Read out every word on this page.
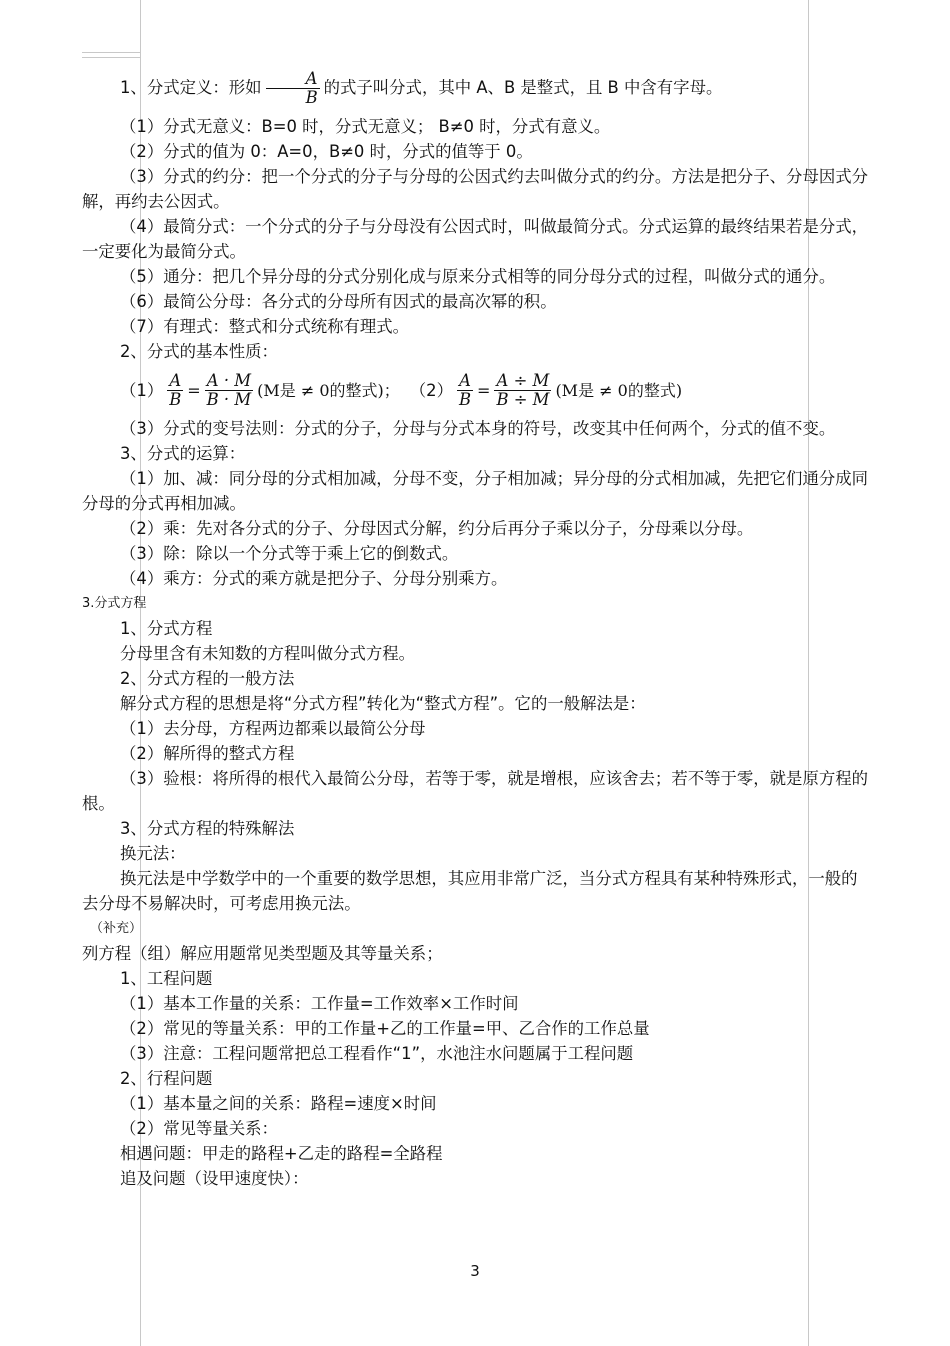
1、分式定义：形如 $\frac{A}{B}$ 的式子叫分式，其中 A、B 是整式，且 B 中含有字母。

（1）分式无意义：B=0 时，分式无意义； B≠0 时，分式有意义。

（2）分式的值为 0：A=0，B≠0 时，分式的值等于 0。

（3）分式的约分：把一个分式的分子与分母的公因式约去叫做分式的约分。方法是把分子、分母因式分解，再约去公因式。

（4）最简分式：一个分式的分子与分母没有公因式时，叫做最简分式。分式运算的最终结果若是分式，一定要化为最简分式。

（5）通分：把几个异分母的分式分别化成与原来分式相等的同分母分式的过程，叫做分式的通分。

（6）最简公分母：各分式的分母所有因式的最高次幂的积。

（7）有理式：整式和分式统称有理式。

2、分式的基本性质：

$(1) \frac{A}{B} = \frac{A \cdot M}{B \cdot M} (M$是 ≠ 0的整式)； $(2) \frac{A}{B} = \frac{A \div M}{B \div M} (M$是 ≠ 0的整式)

（3）分式的变号法则：分式的分子，分母与分式本身的符号，改变其中任何两个，分式的值不变。

3、分式的运算：

（1）加、减：同分母的分式相加减，分母不变，分子相加减；异分母的分式相加减，先把它们通分成同分母的分式再相加减。

（2）乘：先对各分式的分子、分母因式分解，约分后再分子乘以分子，分母乘以分母。

（3）除：除以一个分式等于乘上它的倒数式。

（4）乘方：分式的乘方就是把分子、分母分别乘方。

3.分式方程

1、分式方程

分母里含有未知数的方程叫做分式方程。

2、分式方程的一般方法

解分式方程的思想是将“分式方程”转化为“整式方程”。它的一般解法是：

（1）去分母，方程两边都乘以最简公分母

（2）解所得的整式方程

（3）验根：将所得的根代入最简公分母，若等于零，就是增根，应该舍去；若不等于零，就是原方程的根。

3、分式方程的特殊解法

换元法：

换元法是中学数学中的一个重要的数学思想，其应用非常广泛，当分式方程具有某种特殊形式，一般的去分母不易解决时，可考虑用换元法。

（补充）

列方程（组）解应用题常见类型题及其等量关系；

1、工程问题

（1）基本工作量的关系：工作量=工作效率×工作时间

（2）常见的等量关系：甲的工作量+乙的工作量=甲、乙合作的工作总量

（3）注意：工程问题常把总工程看作“1”，水池注水问题属于工程问题

2、行程问题

（1）基本量之间的关系：路程=速度×时间

（2）常见等量关系：

相遇问题：甲走的路程+乙走的路程=全路程

追及问题（设甲速度快）：

3
